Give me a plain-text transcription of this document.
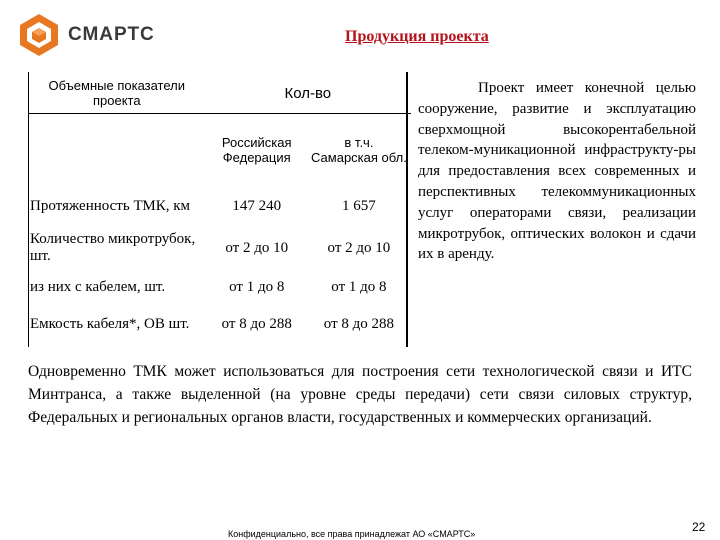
СМАРТС	Продукция проекта
Объемные показатели проекта	Кол-во	
	Российская Федерация	в т.ч. Самарская обл.
Протяженность ТМК, км	147 240	1 657
Количество микротрубок, шт.	от 2 до 10	от 2 до 10
из них с кабелем, шт.	от 1 до 8	от 1 до 8
Емкость кабеля*, ОВ шт.	от 8 до 288	от 8 до 288
Проект имеет конечной целью сооружение, развитие и эксплуатацию сверхмощной высокорентабельной телеком-муникационной инфраструкту-ры для предоставления всех современных и перспективных телекоммуникационных услуг операторами связи, реализации микротрубок, оптических волокон и сдачи их в аренду.
Одновременно ТМК может использоваться для построения сети технологической связи и ИТС Минтранса, а также выделенной (на уровне среды передачи) сети связи силовых структур, Федеральных и региональных органов власти, государственных и коммерческих организаций.
Конфиденциально, все права принадлежат АО «СМАРТС»	22
